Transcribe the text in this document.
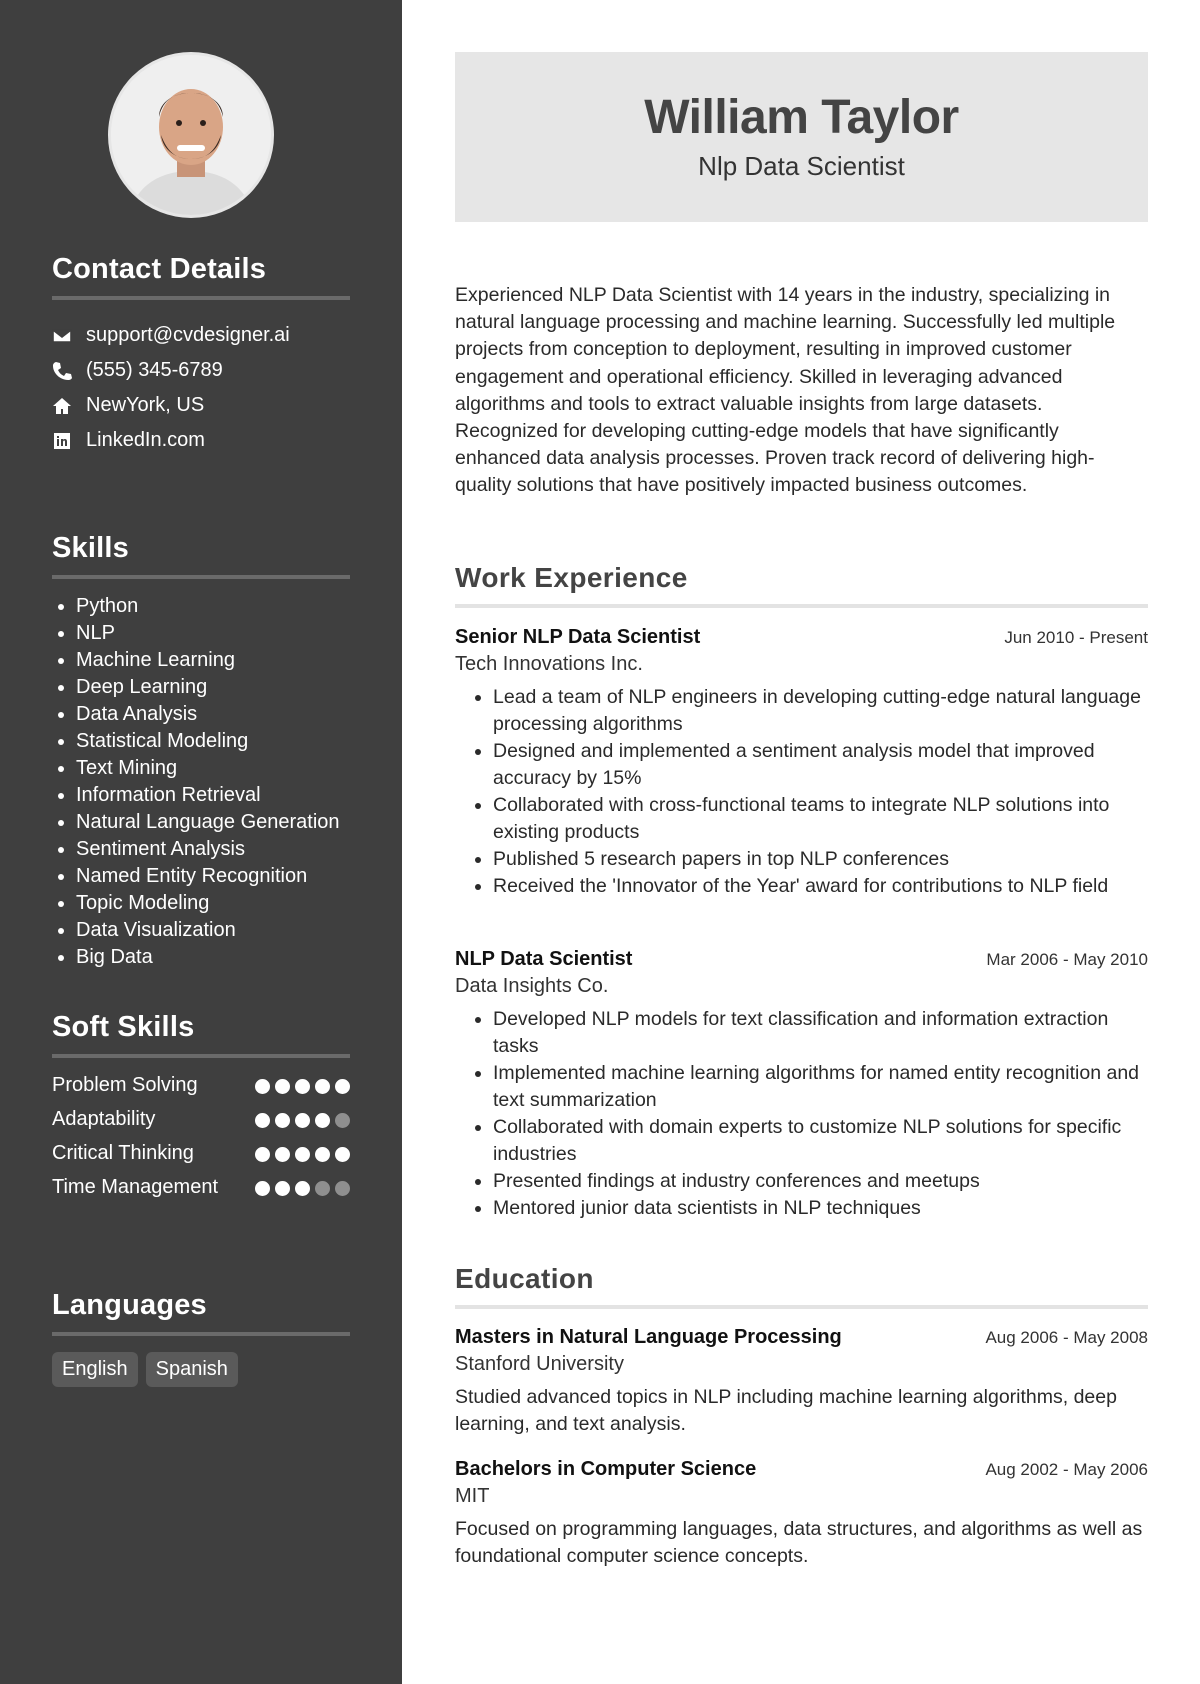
Contact Details
support@cvdesigner.ai
(555) 345-6789
NewYork, US
LinkedIn.com
Skills
• Python
• NLP
• Machine Learning
• Deep Learning
• Data Analysis
• Statistical Modeling
• Text Mining
• Information Retrieval
• Natural Language Generation
• Sentiment Analysis
• Named Entity Recognition
• Topic Modeling
• Data Visualization
• Big Data
Soft Skills
Problem Solving
Adaptability
Critical Thinking
Time Management
Languages
English	Spanish
William Taylor
Nlp Data Scientist

Experienced NLP Data Scientist with 14 years in the industry, specializing in natural language processing and machine learning. Successfully led multiple projects from conception to deployment, resulting in improved customer engagement and operational efficiency. Skilled in leveraging advanced algorithms and tools to extract valuable insights from large datasets. Recognized for developing cutting-edge models that have significantly enhanced data analysis processes. Proven track record of delivering high-quality solutions that have positively impacted business outcomes.

Work Experience
Senior NLP Data Scientist	Jun 2010 - Present
Tech Innovations Inc.
• Lead a team of NLP engineers in developing cutting-edge natural language processing algorithms
• Designed and implemented a sentiment analysis model that improved accuracy by 15%
• Collaborated with cross-functional teams to integrate NLP solutions into existing products
• Published 5 research papers in top NLP conferences
• Received the 'Innovator of the Year' award for contributions to NLP field
NLP Data Scientist	Mar 2006 - May 2010
Data Insights Co.
• Developed NLP models for text classification and information extraction tasks
• Implemented machine learning algorithms for named entity recognition and text summarization
• Collaborated with domain experts to customize NLP solutions for specific industries
• Presented findings at industry conferences and meetups
• Mentored junior data scientists in NLP techniques
Education
Masters in Natural Language Processing	Aug 2006 - May 2008
Stanford University

Studied advanced topics in NLP including machine learning algorithms, deep learning, and text analysis.

Bachelors in Computer Science	Aug 2002 - May 2006
MIT

Focused on programming languages, data structures, and algorithms as well as foundational computer science concepts.
